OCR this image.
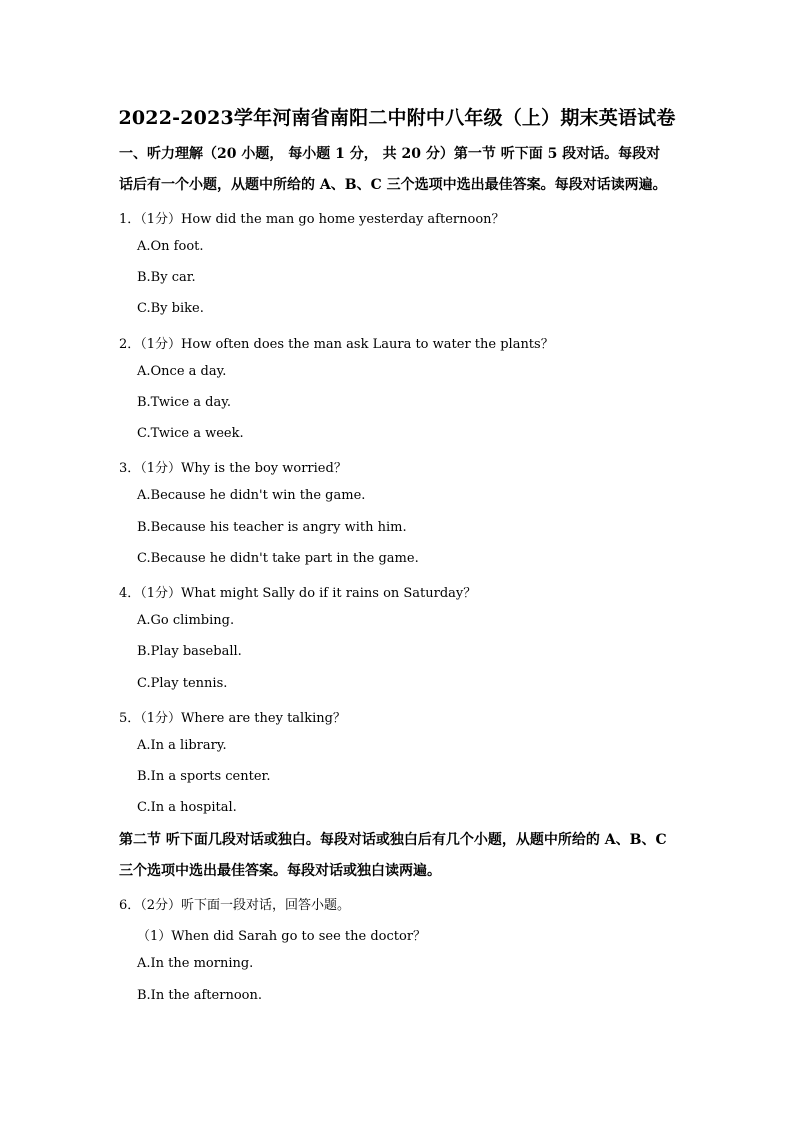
2022-2023学年河南省南阳二中附中八年级（上）期末英语试卷
一、听力理解（20 小题， 每小题 1 分， 共 20 分）第一节 听下面 5 段对话。每段对
话后有一个小题，从题中所给的 A、B、C 三个选项中选出最佳答案。每段对话读两遍。
1．（1分）How did the man go home yesterday afternoon？
A.On foot.
B.By car.
C.By bike.
2．（1分）How often does the man ask Laura to water the plants？
A.Once a day.
B.Twice a day.
C.Twice a week.
3．（1分）Why is the boy worried？
A.Because he didn't win the game.
B.Because his teacher is angry with him.
C.Because he didn't take part in the game.
4．（1分）What might Sally do if it rains on Saturday？
A.Go climbing.
B.Play baseball.
C.Play tennis.
5．（1分）Where are they talking？
A.In a library.
B.In a sports center.
C.In a hospital.
第二节 听下面几段对话或独白。每段对话或独白后有几个小题，从题中所给的 A、B、C
三个选项中选出最佳答案。每段对话或独白读两遍。
6．（2分）听下面一段对话，回答小题。
（1）When did Sarah go to see the doctor？
A.In the morning.
B.In the afternoon.
